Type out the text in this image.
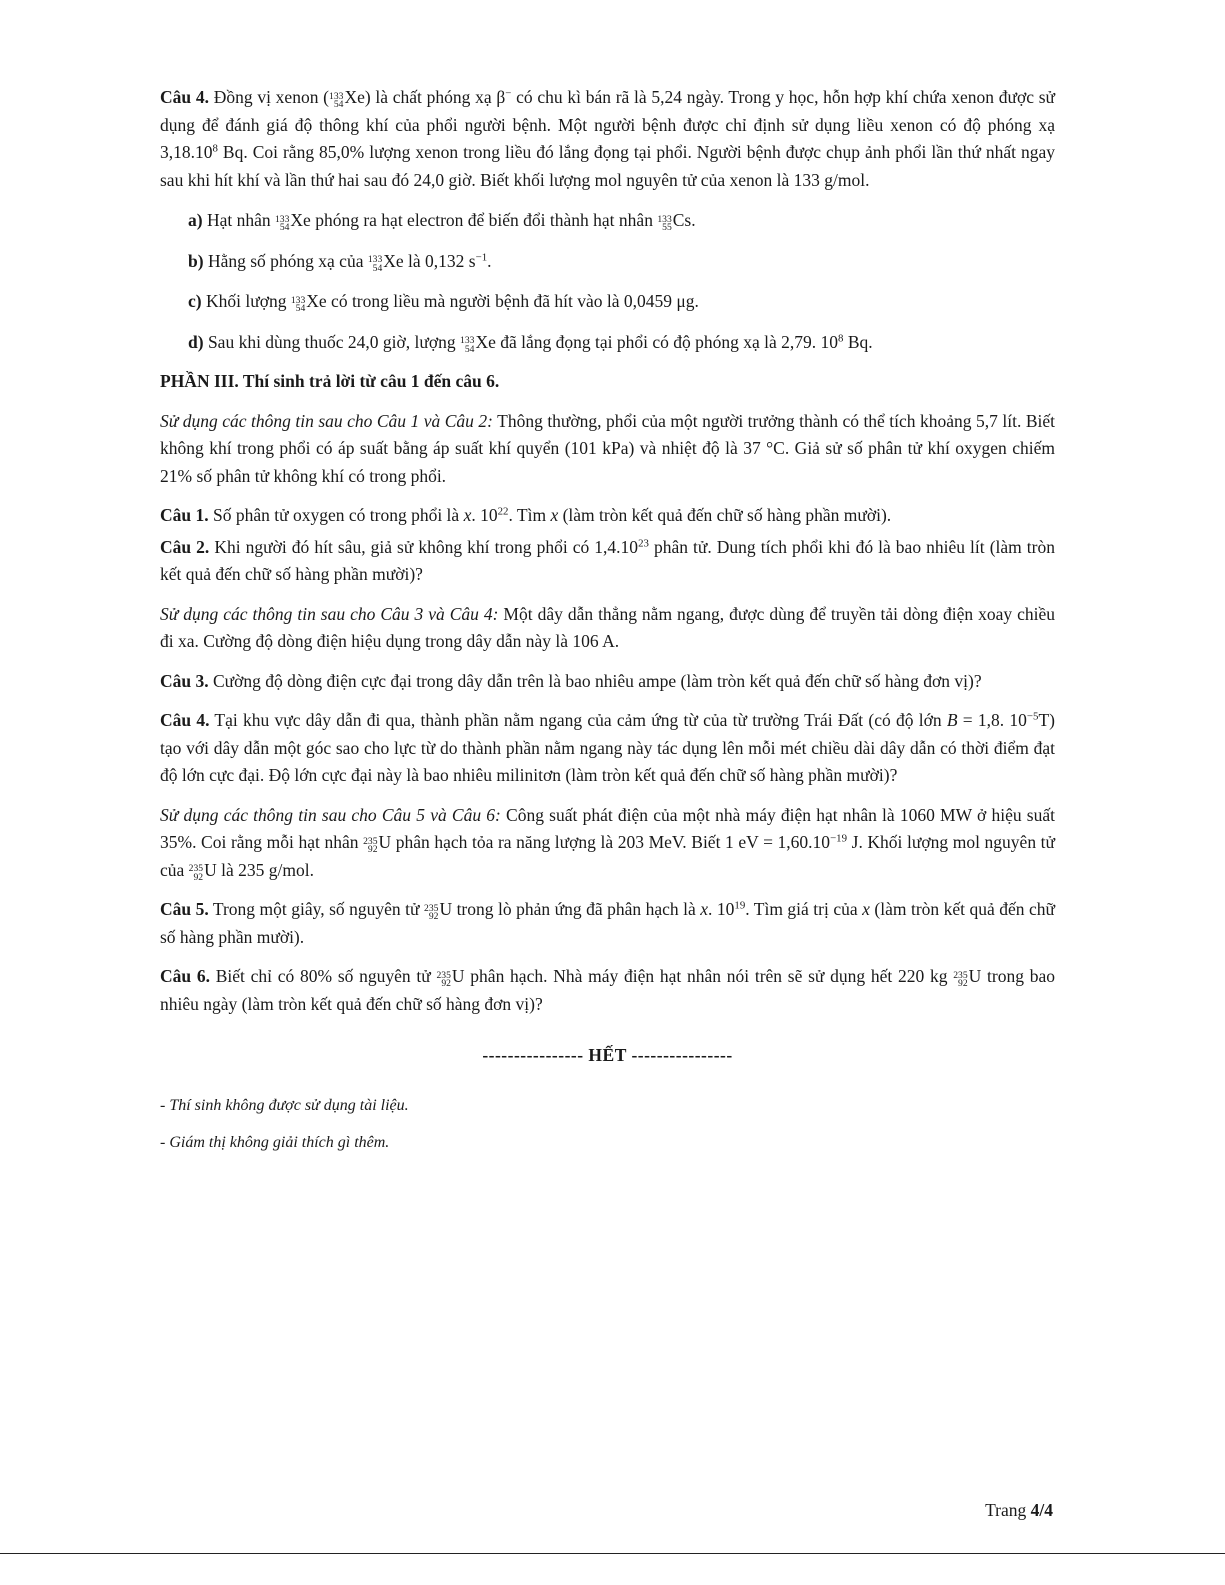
Câu 4. Đồng vị xenon ( 133
54 Xe) là chất phóng xạ β− có chu kì bán rã là 5,24 ngày. Trong y học, hỗn hợp khí chứa xenon được sử dụng để đánh giá độ thông khí của phổi người bệnh. Một người bệnh được chỉ định sử dụng liều xenon có độ phóng xạ 3,18.10$^8$ Bq. Coi rằng 85,0% lượng xenon trong liều đó lắng đọng tại phổi. Người bệnh được chụp ảnh phổi lần thứ nhất ngay sau khi hít khí và lần thứ hai sau đó 24,0 giờ. Biết khối lượng mol nguyên tử của xenon là 133 g/mol.

a) Hạt nhân 133
54 Xe phóng ra hạt electron để biến đổi thành hạt nhân 133
55 Cs.

b) Hằng số phóng xạ của 133
54 Xe là 0,132 $s^{-1}$.

c) Khối lượng 133
54 Xe có trong liều mà người bệnh đã hít vào là 0,0459 μg.

d) Sau khi dùng thuốc 24,0 giờ, lượng 133
54 Xe đã lắng đọng tại phổi có độ phóng xạ là 2,79. $10^8$ Bq.

PHẦN III. Thí sinh trả lời từ câu 1 đến câu 6.

Sử dụng các thông tin sau cho Câu 1 và Câu 2: Thông thường, phổi của một người trưởng thành có thể tích khoảng 5,7 lít. Biết không khí trong phổi có áp suất bằng áp suất khí quyển (101 kPa) và nhiệt độ là 37 °C. Giả sử số phân tử khí oxygen chiếm 21% số phân tử không khí có trong phổi.

Câu 1. Số phân tử oxygen có trong phổi là x. $10^{22}$. Tìm x (làm tròn kết quả đến chữ số hàng phần mười).

Câu 2. Khi người đó hít sâu, giả sử không khí trong phổi có 1,4.10$^{23}$ phân tử. Dung tích phổi khi đó là bao nhiêu lít (làm tròn kết quả đến chữ số hàng phần mười)?

Sử dụng các thông tin sau cho Câu 3 và Câu 4: Một dây dẫn thẳng nằm ngang, được dùng để truyền tải dòng điện xoay chiều đi xa. Cường độ dòng điện hiệu dụng trong dây dẫn này là 106 A.

Câu 3. Cường độ dòng điện cực đại trong dây dẫn trên là bao nhiêu ampe (làm tròn kết quả đến chữ số hàng đơn vị)?

Câu 4. Tại khu vực dây dẫn đi qua, thành phần nằm ngang của cảm ứng từ của từ trường Trái Đất (có độ lớn B = 1,8. $10^{-5}T$) tạo với dây dẫn một góc sao cho lực từ do thành phần nằm ngang này tác dụng lên mỗi mét chiều dài dây dẫn có thời điểm đạt độ lớn cực đại. Độ lớn cực đại này là bao nhiêu milinitơn (làm tròn kết quả đến chữ số hàng phần mười)?

Sử dụng các thông tin sau cho Câu 5 và Câu 6: Công suất phát điện của một nhà máy điện hạt nhân là 1060 MW ở hiệu suất 35%. Coi rằng mỗi hạt nhân 235
92 U phân hạch tỏa ra năng lượng là 203 MeV. Biết 1 eV = $1,60.10^{-19}$ J. Khối lượng mol nguyên tử của 235
92 U là 235 g/mol.

Câu 5. Trong một giây, số nguyên tử 235
92 U trong lò phản ứng đã phân hạch là x. $10^{19}$. Tìm giá trị của x (làm tròn kết quả đến chữ số hàng phần mười).

Câu 6. Biết chỉ có 80% số nguyên tử 235
92 U phân hạch. Nhà máy điện hạt nhân nói trên sẽ sử dụng hết 220 kg 235
92 U trong bao nhiêu ngày (làm tròn kết quả đến chữ số hàng đơn vị)?

---------------- HẾT ----------------

- Thí sinh không được sử dụng tài liệu.

- Giám thị không giải thích gì thêm.

Trang 4/4
